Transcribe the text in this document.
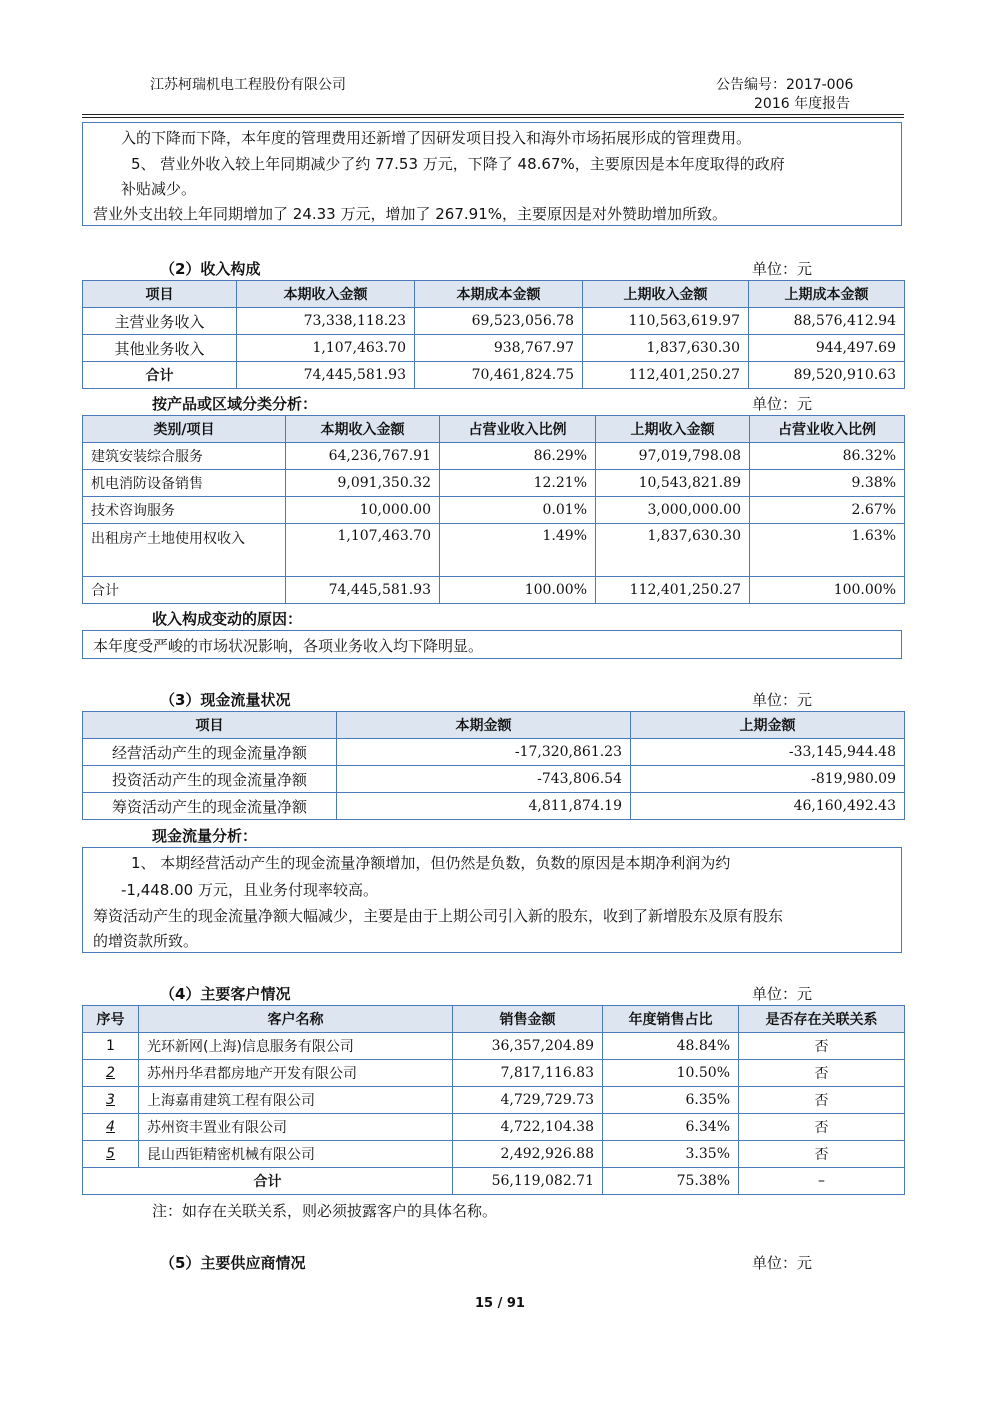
江苏柯瑞机电工程股份有限公司	公告编号：2017-006
2016 年度报告
入的下降而下降，本年度的管理费用还新增了因研发项目投入和海外市场拓展形成的管理费用。
5、 营业外收入较上年同期减少了约 77.53 万元，下降了 48.67%，主要原因是本年度取得的政府
补贴减少。
营业外支出较上年同期增加了 24.33 万元，增加了 267.91%，主要原因是对外赞助增加所致。
（2）收入构成	单位：元
项目	本期收入金额	本期成本金额	上期收入金额	上期成本金额
主营业务收入	73,338,118.23	69,523,056.78	110,563,619.97	88,576,412.94
其他业务收入	1,107,463.70	938,767.97	1,837,630.30	944,497.69
合计	74,445,581.93	70,461,824.75	112,401,250.27	89,520,910.63
按产品或区域分类分析：	单位：元
类别/项目	本期收入金额	占营业收入比例	上期收入金额	占营业收入比例
建筑安装综合服务	64,236,767.91	86.29%	97,019,798.08	86.32%
机电消防设备销售	9,091,350.32	12.21%	10,543,821.89	9.38%
技术咨询服务	10,000.00	0.01%	3,000,000.00	2.67%
出租房产土地使用权收入	1,107,463.70	1.49%	1,837,630.30	1.63%
合计	74,445,581.93	100.00%	112,401,250.27	100.00%
收入构成变动的原因：
本年度受严峻的市场状况影响，各项业务收入均下降明显。
（3）现金流量状况	单位：元
项目	本期金额	上期金额
经营活动产生的现金流量净额	-17,320,861.23	-33,145,944.48
投资活动产生的现金流量净额	-743,806.54	-819,980.09
筹资活动产生的现金流量净额	4,811,874.19	46,160,492.43
现金流量分析：
1、 本期经营活动产生的现金流量净额增加，但仍然是负数，负数的原因是本期净利润为约
-1,448.00 万元，且业务付现率较高。
筹资活动产生的现金流量净额大幅减少，主要是由于上期公司引入新的股东，收到了新增股东及原有股东
的增资款所致。
（4）主要客户情况	单位：元
序号	客户名称	销售金额	年度销售占比	是否存在关联关系
1	光环新网(上海)信息服务有限公司	36,357,204.89	48.84%	否
2	苏州丹华君都房地产开发有限公司	7,817,116.83	10.50%	否
3	上海嘉甫建筑工程有限公司	4,729,729.73	6.35%	否
4	苏州资丰置业有限公司	4,722,104.38	6.34%	否
5	昆山西钜精密机械有限公司	2,492,926.88	3.35%	否
合计		56,119,082.71	75.38%	–
注：如存在关联关系，则必须披露客户的具体名称。
（5）主要供应商情况	单位：元
15 / 91
